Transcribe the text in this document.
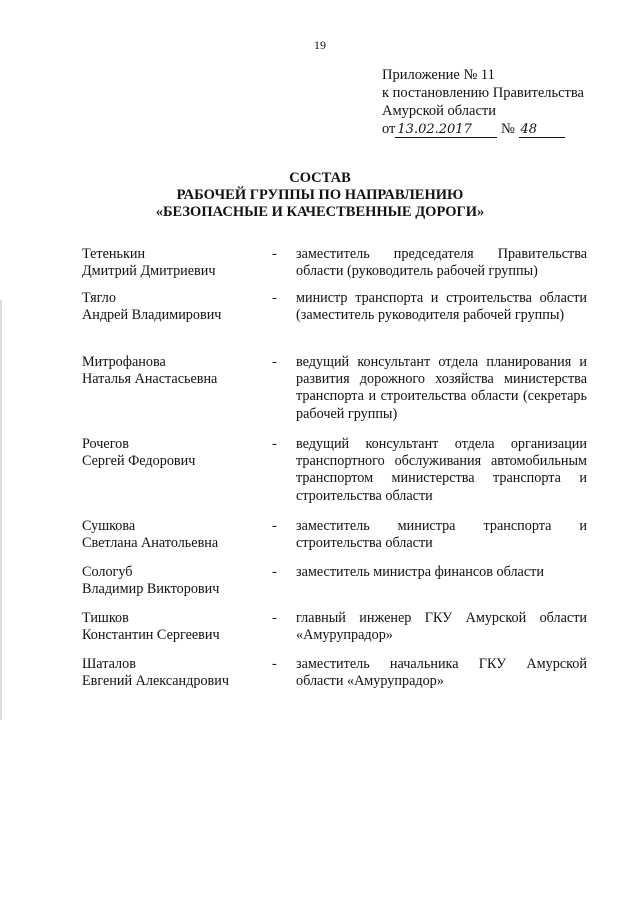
19
Приложение № 11
к постановлению Правительства
Амурской области
от 13.02.2017 № 48
СОСТАВ
РАБОЧЕЙ ГРУППЫ ПО НАПРАВЛЕНИЮ
«БЕЗОПАСНЫЕ И КАЧЕСТВЕННЫЕ ДОРОГИ»
Тетенькин
Дмитрий Дмитриевич
-	заместитель председателя Правительства области (руководитель рабочей группы)
Тягло
Андрей Владимирович
-	министр транспорта и строительства области (заместитель руководителя рабочей группы)
Митрофанова
Наталья Анастасьевна
-	ведущий консультант отдела планирования и развития дорожного хозяйства министерства транспорта и строительства области (секретарь рабочей группы)
Рочегов
Сергей Федорович
-	ведущий консультант отдела организации транспортного обслуживания автомобильным транспортом министерства транспорта и строительства области
Сушкова
Светлана Анатольевна
-	заместитель министра транспорта и строительства области
Сологуб
Владимир Викторович
-	заместитель министра финансов области
Тишков
Константин Сергеевич
-	главный инженер ГКУ Амурской области «Амурупрадор»
Шаталов
Евгений Александрович
-	заместитель начальника ГКУ Амурской области «Амурупрадор»
